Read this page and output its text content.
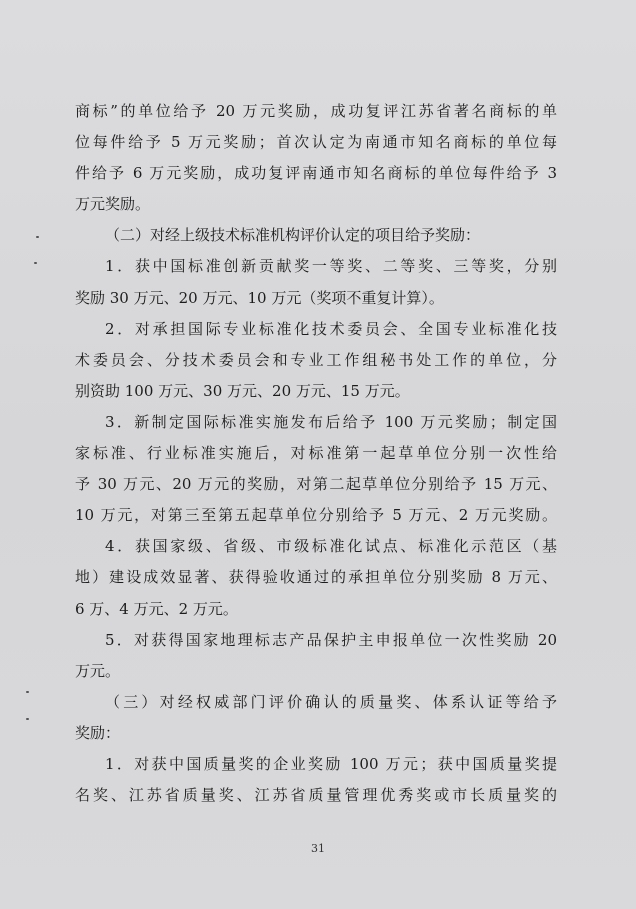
商标”的单位给予 20 万元奖励，成功复评江苏省著名商标的单
位每件给予 5 万元奖励；首次认定为南通市知名商标的单位每
件给予 6 万元奖励，成功复评南通市知名商标的单位每件给予 3
万元奖励。
（二）对经上级技术标准机构评价认定的项目给予奖励：
1．获中国标准创新贡献奖一等奖、二等奖、三等奖，分别
奖励 30 万元、20 万元、10 万元（奖项不重复计算）。
2．对承担国际专业标准化技术委员会、全国专业标准化技
术委员会、分技术委员会和专业工作组秘书处工作的单位，分
别资助 100 万元、30 万元、20 万元、15 万元。
3．新制定国际标准实施发布后给予 100 万元奖励；制定国
家标准、行业标准实施后，对标准第一起草单位分别一次性给
予 30 万元、20 万元的奖励，对第二起草单位分别给予 15 万元、
10 万元，对第三至第五起草单位分别给予 5 万元、2 万元奖励。
4．获国家级、省级、市级标准化试点、标准化示范区（基
地）建设成效显著、获得验收通过的承担单位分别奖励 8 万元、
6 万、4 万元、2 万元。
5．对获得国家地理标志产品保护主申报单位一次性奖励 20
万元。
（三）对经权威部门评价确认的质量奖、体系认证等给予
奖励：
1．对获中国质量奖的企业奖励 100 万元；获中国质量奖提
名奖、江苏省质量奖、江苏省质量管理优秀奖或市长质量奖的
31
